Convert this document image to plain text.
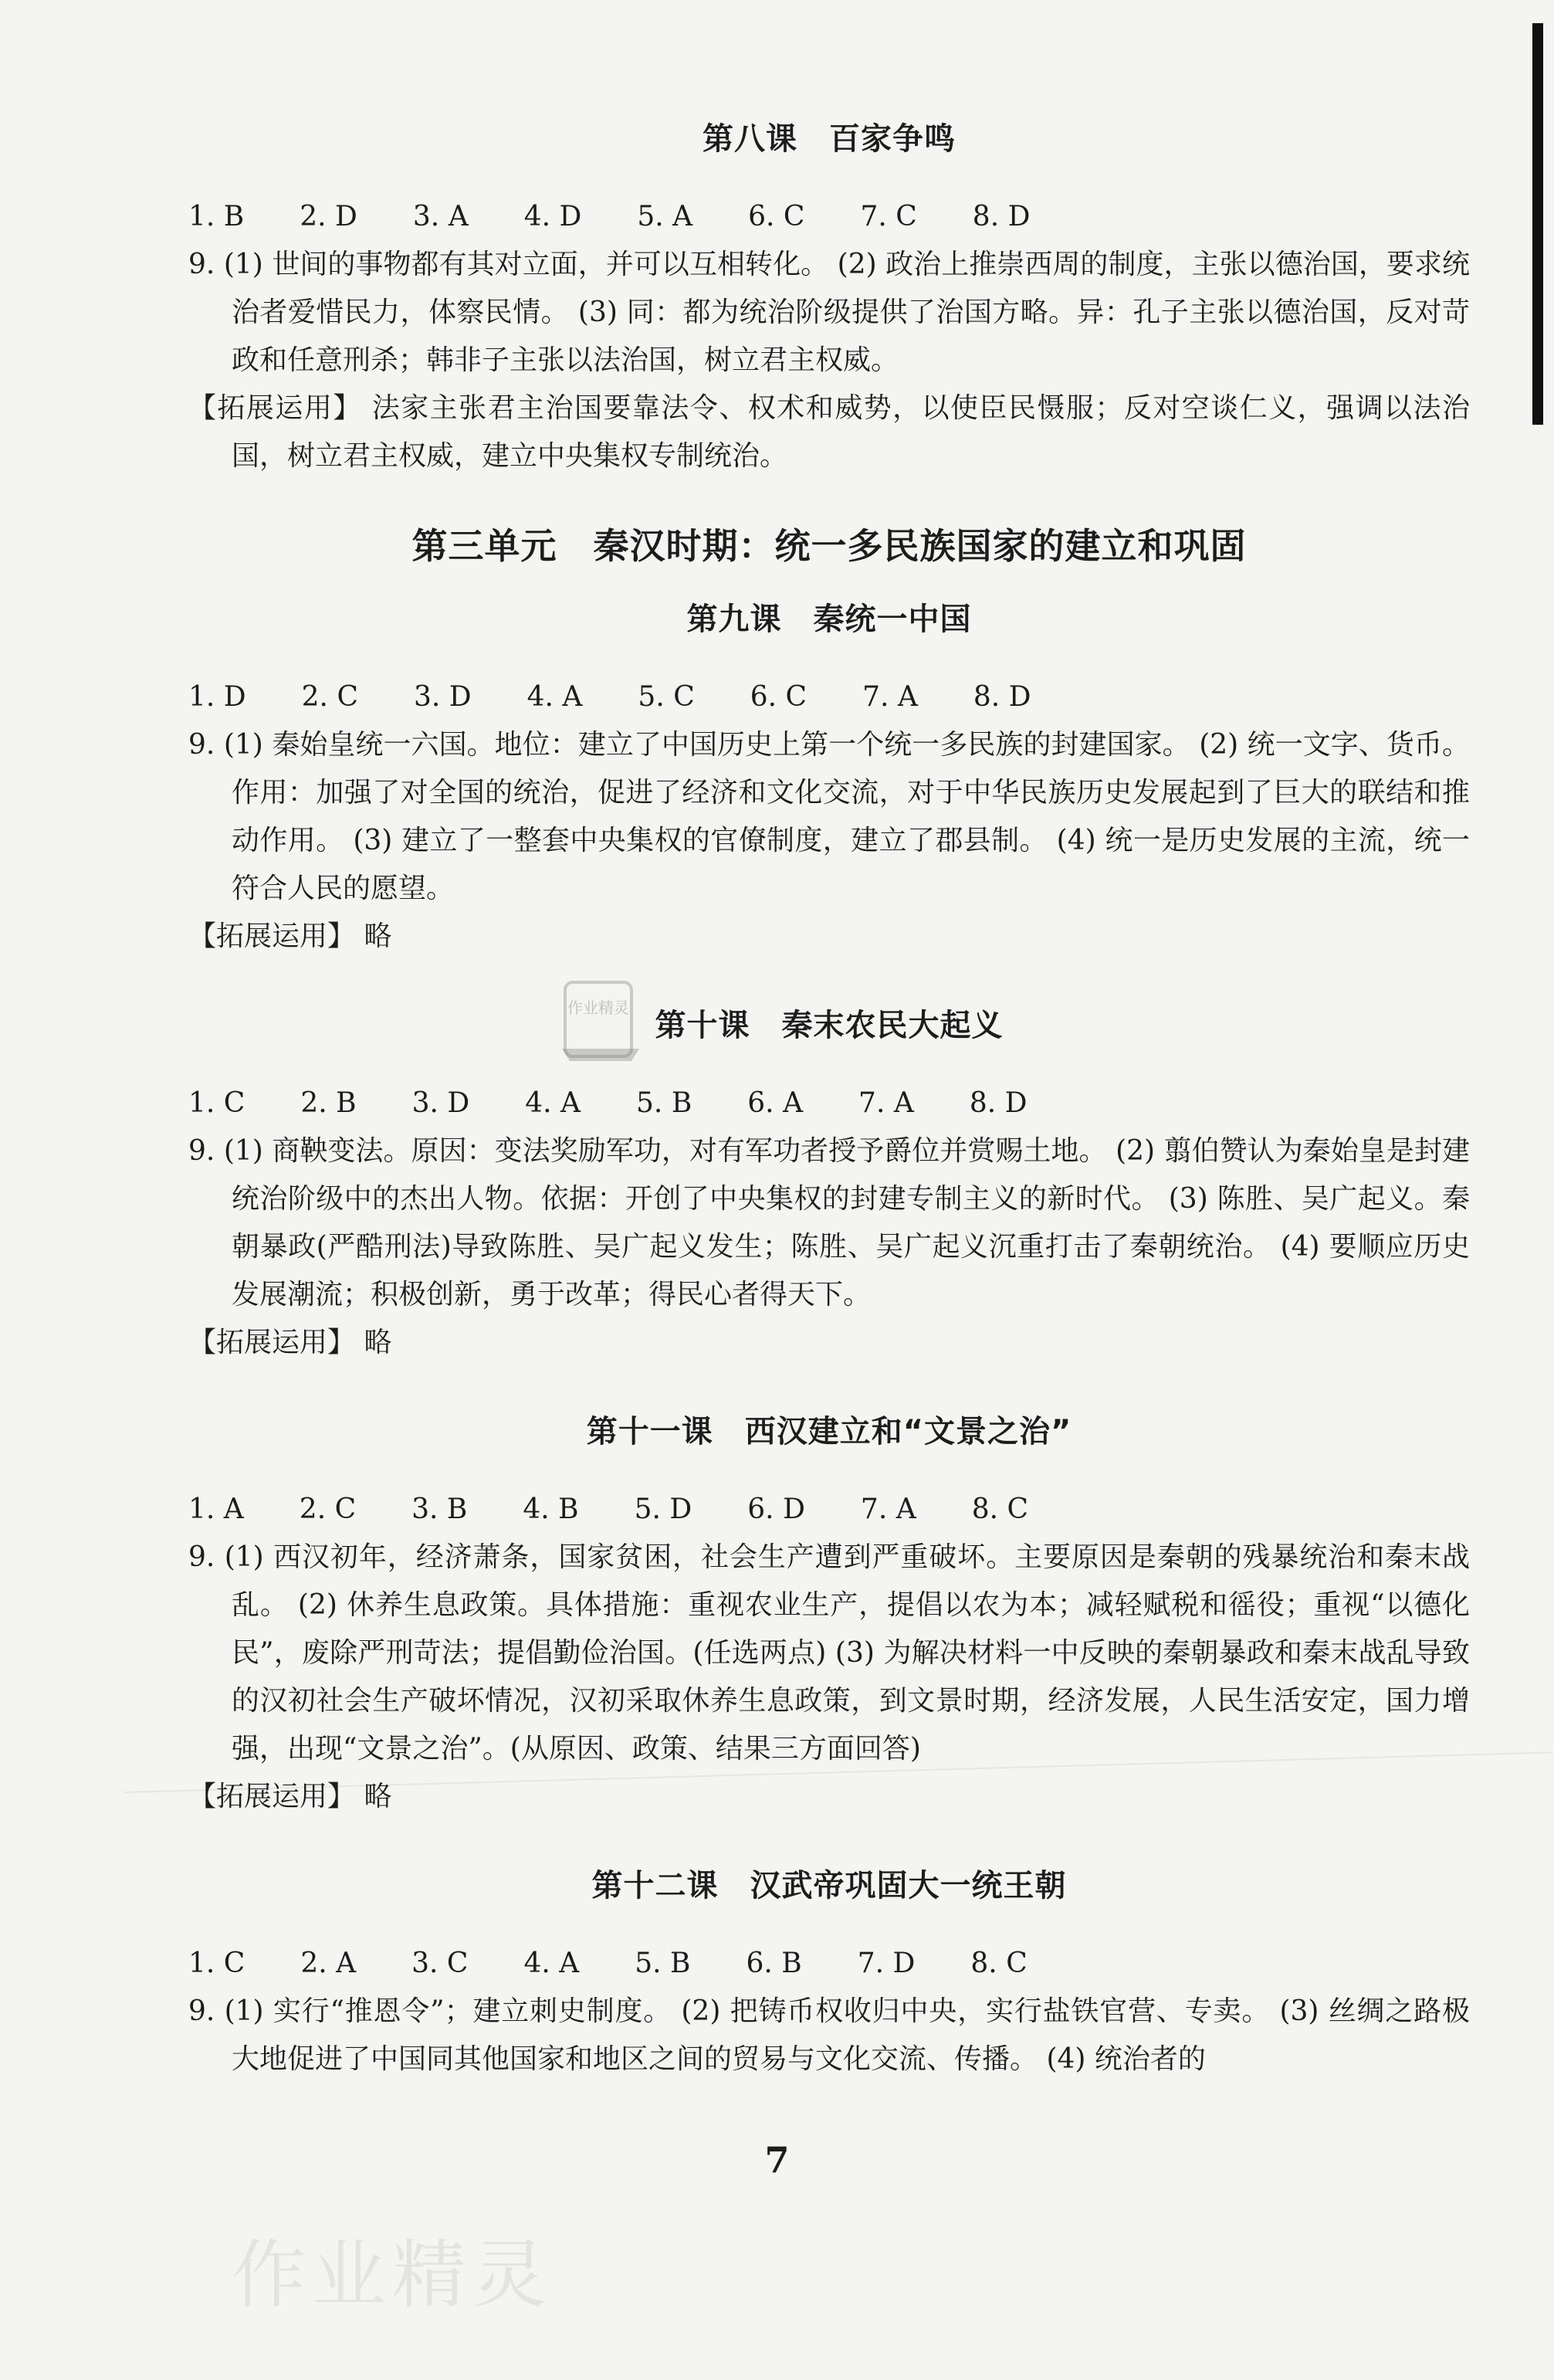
第八课　百家争鸣

1. B　　2. D　　3. A　　4. D　　5. A　　6. C　　7. C　　8. D

9. (1) 世间的事物都有其对立面，并可以互相转化。 (2) 政治上推崇西周的制度，主张以德治国，要求统治者爱惜民力，体察民情。 (3) 同：都为统治阶级提供了治国方略。异：孔子主张以德治国，反对苛政和任意刑杀；韩非子主张以法治国，树立君主权威。

【拓展运用】 法家主张君主治国要靠法令、权术和威势，以使臣民慑服；反对空谈仁义，强调以法治国，树立君主权威，建立中央集权专制统治。

第三单元　秦汉时期：统一多民族国家的建立和巩固
第九课　秦统一中国

1. D　　2. C　　3. D　　4. A　　5. C　　6. C　　7. A　　8. D

9. (1) 秦始皇统一六国。地位：建立了中国历史上第一个统一多民族的封建国家。 (2) 统一文字、货币。作用：加强了对全国的统治，促进了经济和文化交流，对于中华民族历史发展起到了巨大的联结和推动作用。 (3) 建立了一整套中央集权的官僚制度，建立了郡县制。 (4) 统一是历史发展的主流，统一符合人民的愿望。

【拓展运用】 略

第十课　秦末农民大起义

1. C　　2. B　　3. D　　4. A　　5. B　　6. A　　7. A　　8. D

9. (1) 商鞅变法。原因：变法奖励军功，对有军功者授予爵位并赏赐土地。 (2) 翦伯赞认为秦始皇是封建统治阶级中的杰出人物。依据：开创了中央集权的封建专制主义的新时代。 (3) 陈胜、吴广起义。秦朝暴政(严酷刑法)导致陈胜、吴广起义发生；陈胜、吴广起义沉重打击了秦朝统治。 (4) 要顺应历史发展潮流；积极创新，勇于改革；得民心者得天下。

【拓展运用】 略

第十一课　西汉建立和“文景之治”

1. A　　2. C　　3. B　　4. B　　5. D　　6. D　　7. A　　8. C

9. (1) 西汉初年，经济萧条，国家贫困，社会生产遭到严重破坏。主要原因是秦朝的残暴统治和秦末战乱。 (2) 休养生息政策。具体措施：重视农业生产，提倡以农为本；减轻赋税和徭役；重视“以德化民”，废除严刑苛法；提倡勤俭治国。(任选两点) (3) 为解决材料一中反映的秦朝暴政和秦末战乱导致的汉初社会生产破坏情况，汉初采取休养生息政策，到文景时期，经济发展，人民生活安定，国力增强，出现“文景之治”。(从原因、政策、结果三方面回答)

【拓展运用】 略

第十二课　汉武帝巩固大一统王朝

1. C　　2. A　　3. C　　4. A　　5. B　　6. B　　7. D　　8. C

9. (1) 实行“推恩令”；建立刺史制度。 (2) 把铸币权收归中央，实行盐铁官营、专卖。 (3) 丝绸之路极大地促进了中国同其他国家和地区之间的贸易与文化交流、传播。 (4) 统治者的

作业精灵
7
作业精灵
